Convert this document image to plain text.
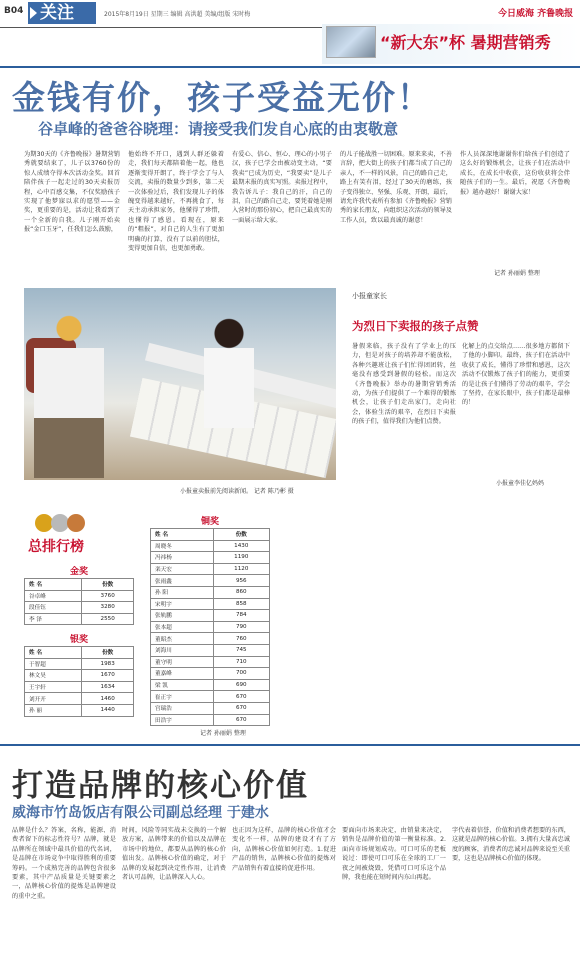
B04 关注	2015年8月19日 星期三 编辑 高洪超 美编/组版 宋时梅	今日威海 齐鲁晚报
“新大东”杯 暑期营销秀
金钱有价，孩子受益无价！
谷卓峰的爸爸谷晓理：请接受我们发自心底的由衷敬意
为期30天的《齐鲁晚报》暑期营销秀就要结束了，儿子以3760份的惊人成绩夺得本次活动金奖。回首陪伴孩子一起走过的30天卖报历程，心中百感交集，不仅奖励孩子实现了他梦寐以求的愿望——金奖，更重要的是，活动让我看到了一个全新的自我。儿子刚开始卖报“金口玉牙”，任我们怎么鼓励，
他始终不开口，遇到人群还躲着走，我们每天都陪着他一起，他也逐渐变得开朗了，终于学会了与人交流，卖报的数量少到多，第二天一次体验过后，我们发现儿子的体魄变得越来越好，不再挑食了，每天主动承担家务，他懂得了珍惜，也懂得了感恩。看现在，原来的“粗报”，对自己的人生有了更加明确的打算，没有了以前的胆怯，变得更加自信，也更加勇敢。
有爱心、信心、恒心、理心的小男子汉，孩子已学会由被动变主动，“要我卖”已成为历史，“我要卖”是儿子最期末报的真实写照。卖报过程中，我告诉儿子：我自己的汗，自己的泪，自己的路自己走，要凭着她是刚入营时的那份初心，把自己最真实的一面展示给大家。
的儿子能战胜一切困难。原来来卖，不善言辞，把大街上的孩子们都当成了自己的亲人，不一样的风景，自己的路自己走，路上有笑有泪，经过了30天的磨练，孩子变得独立、坚强、乐观、开朗，最后，请允许我代表所有参加《齐鲁晚报》营销秀的家长朋友，向组织这次活动的领导及工作人员，致以最真诚的谢意！
作人员深深地谢谢你们给孩子们创造了这么好的锻炼机会，让孩子们在活动中成长，在成长中收获，这份收获将会伴随孩子们的一生。最后，祝愿《齐鲁晚报》越办越好！谢谢大家！
记者 孙丽娟 整理
小报童卖报前先阅读新闻。 记者 陈乃彬 摄
小报童家长
为烈日下卖报的孩子点赞
暑假来临，孩子没有了学业上的压力，但是对孩子的培养却不能放松，各种兴趣班让孩子们忙得团团转，丝毫没有感受到暑假的轻松。而这次《齐鲁晚报》举办的暑期营销秀活动，为孩子们提供了一个难得的锻炼机会，让孩子们走出家门，走向社会，体验生活的艰辛，在烈日下卖报的孩子们，值得我们为他们点赞。
化解上的点交给点……很多地方都留下了他的小脚印。最终，孩子们在活动中收获了成长，懂得了珍惜和感恩，这次活动不仅锻炼了孩子们的能力，更重要的是让孩子们懂得了劳动的艰辛，学会了坚持，在家长眼中，孩子们都是最棒的！
小报童李佳亿妈妈
总排行榜
金奖
姓 名	份数
谷卓峰	3760
段佳钰	3280
李 泽	2550
银奖
姓 名	份数
于智超	1983
林文昊	1670
王宇轩	1634
刘开开	1460
孙 丽	1440
铜奖
姓 名	份数
周晓冬	1430
冯祎杨	1190
栾天宏	1120
张雨鑫	956
孙 阳	860
宋明宇	858
张轨鹏	784
张本超	790
董昭杰	760
刘海川	745
董守明	710
董嘉峰	700
梁 凯	690
崔正宇	670
宫瑞浩	670
田浩宇	670
记者 孙丽娟 整理
打造品牌的核心价值
威海市竹岛饭店有限公司副总经理 于建水
品牌是什么？答案，名称，能源、消费者留下的标志性符号？品牌，就是品牌所在领域中最具价值的代名词，是品牌在市场竞争中取得胜利的重要筹码。一个成熟完善的品牌包含很多要素，其中产品质量是关键要素之一，品牌核心价值的提炼是品牌建设的重中之重。
时间，风险等同实战未交换的一个解放方案，品牌带来的价值以及品牌在市场中的地位，都要从品牌的核心价值出发。品牌核心价值的确定，对于品牌的发展起到决定性作用，让消费者认可品牌，让品牌深入人心。
也正因为这样，品牌的核心价值才会变化不一样，品牌的建设才有了方向，品牌核心价值如何打造。1.促进产品的销售，品牌核心价值的提炼对产品销售有着直接的促进作用。
要面向市场来决定，由销量来决定，销售是品牌价值的第一衡量标准。2.面向市场规划成功。可口可乐的老板说过：即使可口可乐在全球的工厂一夜之间被烧毁，凭借可口可乐这个品牌，我也能在短时间内东山再起。
字代表着信誉，价值和消费者想要的东西，这就是品牌的核心价值。3.拥有大量高忠诚度的顾客，消费者的忠诚对品牌来说至关重要，这也是品牌核心价值的体现。
